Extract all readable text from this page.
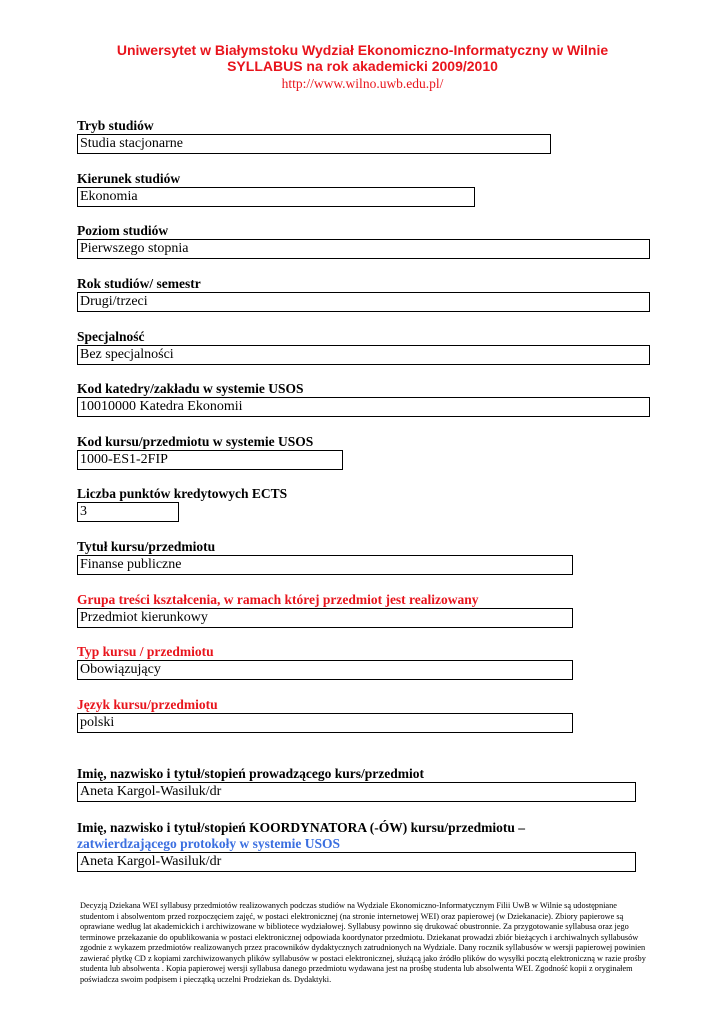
Uniwersytet w Białymstoku Wydział Ekonomiczno-Informatyczny w Wilnie
SYLLABUS na rok akademicki 2009/2010
http://www.wilno.uwb.edu.pl/
Tryb studiów
Studia stacjonarne
Kierunek studiów
Ekonomia
Poziom studiów
Pierwszego stopnia
Rok studiów/ semestr
Drugi/trzeci
Specjalność
Bez specjalności
Kod katedry/zakładu w systemie USOS
10010000 Katedra Ekonomii
Kod kursu/przedmiotu w systemie USOS
1000-ES1-2FIP
Liczba punktów kredytowych ECTS
3
Tytuł kursu/przedmiotu
Finanse publiczne
Grupa treści kształcenia, w ramach której przedmiot jest realizowany
Przedmiot kierunkowy
Typ kursu / przedmiotu
Obowiązujący
Język kursu/przedmiotu
polski
Imię, nazwisko i tytuł/stopień prowadzącego kurs/przedmiot
Aneta Kargol-Wasiluk/dr
Imię, nazwisko i tytuł/stopień KOORDYNATORA (-ÓW) kursu/przedmiotu –
zatwierdzającego protokoły w systemie USOS
Aneta Kargol-Wasiluk/dr
Decyzją Dziekana WEI syllabusy przedmiotów realizowanych podczas studiów na Wydziale Ekonomiczno-Informatycznym Filii UwB w Wilnie są udostępniane studentom i absolwentom przed rozpoczęciem zajęć, w postaci elektronicznej (na stronie internetowej WEI) oraz papierowej (w Dziekanacie). Zbiory papierowe są oprawiane według lat akademickich i archiwizowane w bibliotece wydziałowej. Syllabusy powinno się drukować obustronnie. Za przygotowanie syllabusa oraz jego terminowe przekazanie do opublikowania w postaci elektronicznej odpowiada koordynator przedmiotu. Dziekanat prowadzi zbiór bieżących i archiwalnych syllabusów zgodnie z wykazem przedmiotów realizowanych przez pracowników dydaktycznych zatrudnionych na Wydziale. Dany rocznik syllabusów w wersji papierowej powinien zawierać płytkę CD z kopiami zarchiwizowanych plików syllabusów w postaci elektronicznej, służącą jako źródło plików do wysyłki pocztą elektroniczną w razie prośby studenta lub absolwenta . Kopia papierowej wersji syllabusa danego przedmiotu wydawana jest na prośbę studenta lub absolwenta WEI. Zgodność kopii z oryginałem poświadcza swoim podpisem i pieczątką uczelni Prodziekan ds. Dydaktyki.
